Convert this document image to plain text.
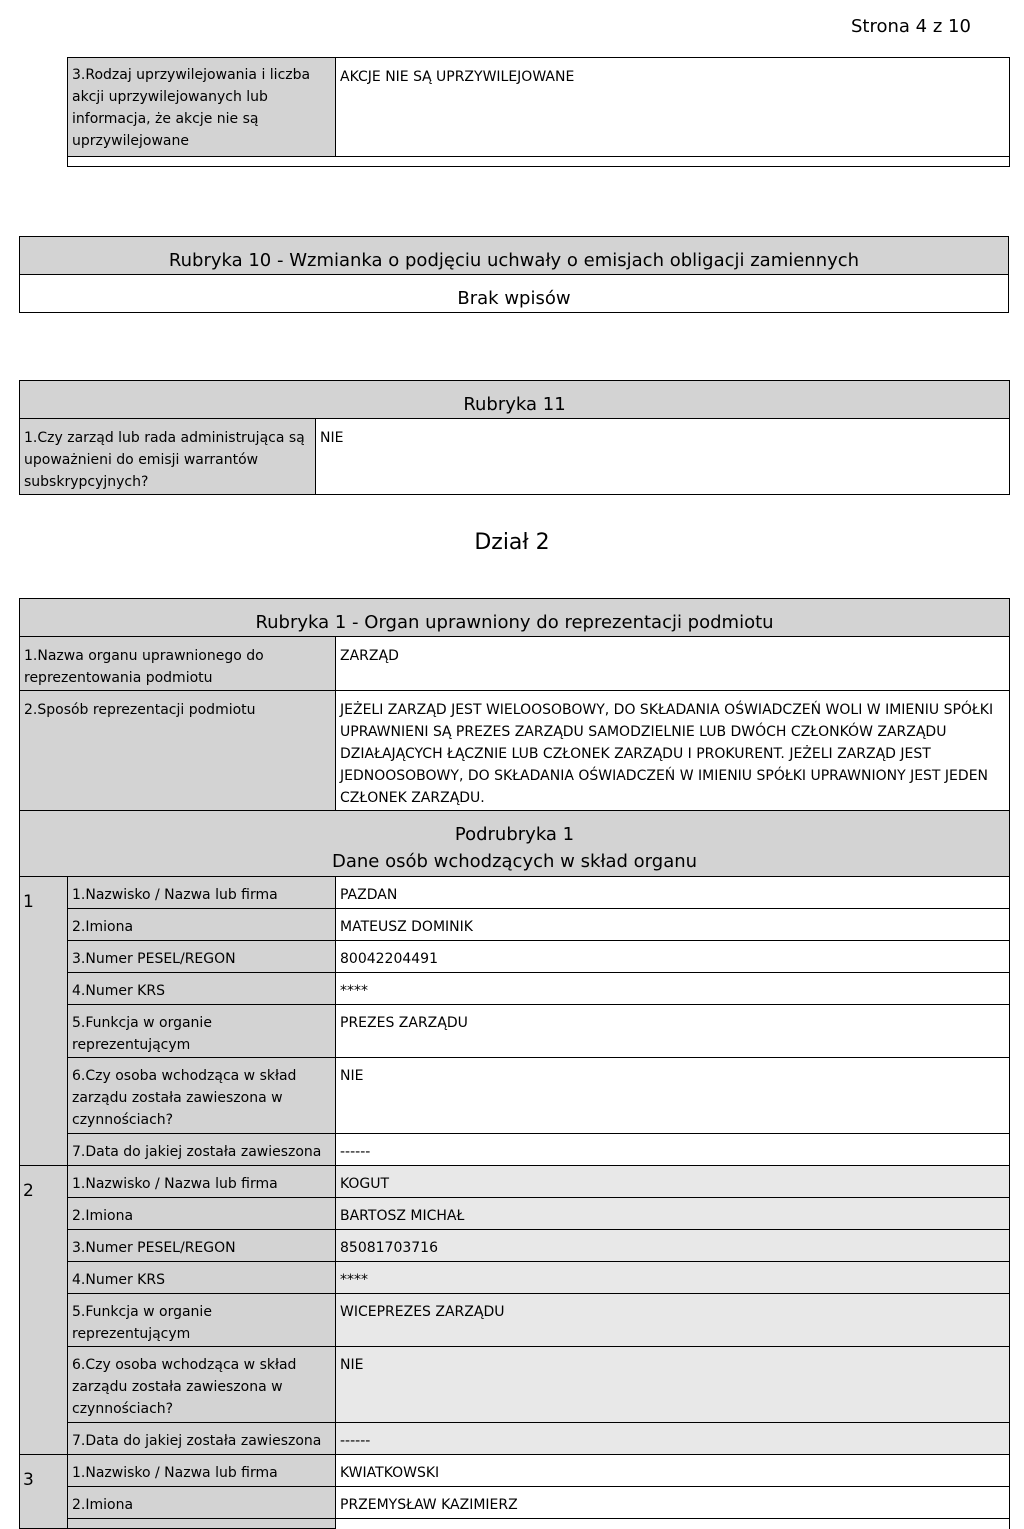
Strona 4 z 10
3.Rodzaj uprzywilejowania i liczba akcji uprzywilejowanych lub informacja, że akcje nie są uprzywilejowane	AKCJE NIE SĄ UPRZYWILEJOWANE

Rubryka 10 - Wzmianka o podjęciu uchwały o emisjach obligacji zamiennych
Brak wpisów
Rubryka 11
1.Czy zarząd lub rada administrująca są upoważnieni do emisji warrantów subskrypcyjnych?	NIE
Dział 2
Rubryka 1 - Organ uprawniony do reprezentacji podmiotu		
1.Nazwa organu uprawnionego do reprezentowania podmiotu		ZARZĄD
2.Sposób reprezentacji podmiotu		JEŻELI ZARZĄD JEST WIELOOSOBOWY, DO SKŁADANIA OŚWIADCZEŃ WOLI W IMIENIU SPÓŁKI UPRAWNIENI SĄ PREZES ZARZĄDU SAMODZIELNIE LUB DWÓCH CZŁONKÓW ZARZĄDU DZIAŁAJĄCYCH ŁĄCZNIE LUB CZŁONEK ZARZĄDU I PROKURENT. JEŻELI ZARZĄD JEST JEDNOOSOBOWY, DO SKŁADANIA OŚWIADCZEŃ W IMIENIU SPÓŁKI UPRAWNIONY JEST JEDEN CZŁONEK ZARZĄDU.

Podrubryka 1
Dane osób wchodzących w skład organu		

1	1.Nazwisko / Nazwa lub firma	PAZDAN
	2.Imiona	MATEUSZ DOMINIK
	3.Numer PESEL/REGON	80042204491
	4.Numer KRS	****
	5.Funkcja w organie reprezentującym	PREZES ZARZĄDU
	6.Czy osoba wchodząca w skład zarządu została zawieszona w czynnościach?	NIE
	7.Data do jakiej została zawieszona	------
2	1.Nazwisko / Nazwa lub firma	KOGUT
	2.Imiona	BARTOSZ MICHAŁ
	3.Numer PESEL/REGON	85081703716
	4.Numer KRS	****
	5.Funkcja w organie reprezentującym	WICEPREZES ZARZĄDU
	6.Czy osoba wchodząca w skład zarządu została zawieszona w czynnościach?	NIE
	7.Data do jakiej została zawieszona	------
3	1.Nazwisko / Nazwa lub firma	KWIATKOWSKI
	2.Imiona	PRZEMYSŁAW KAZIMIERZ
